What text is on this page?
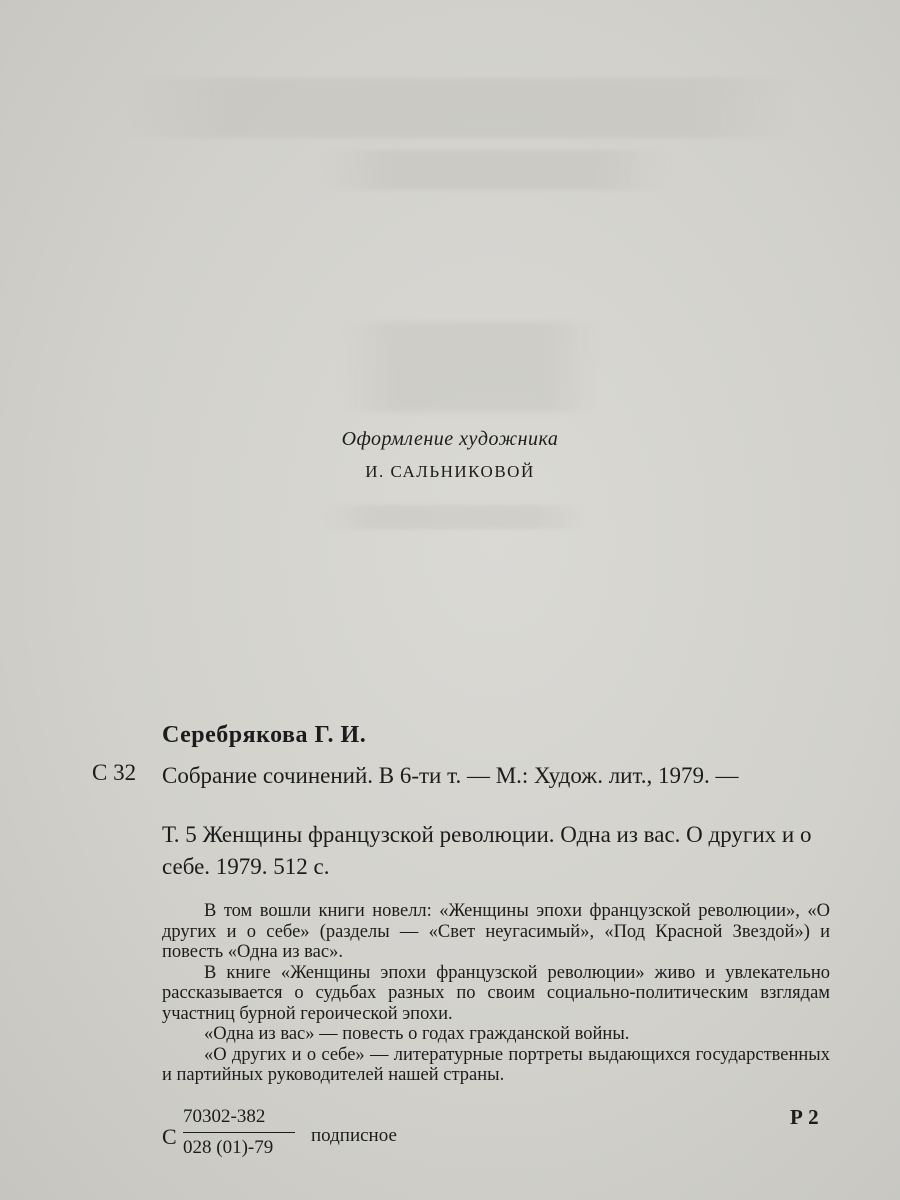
Оформление художника
И. САЛЬНИКОВОЙ
Серебрякова Г. И.
С 32 Собрание сочинений. В 6-ти т. — М.: Худож. лит., 1979. —
Т. 5 Женщины французской революции. Одна из вас. О других и о себе. 1979. 512 с.

В том вошли книги новелл: «Женщины эпохи французской революции», «О других и о себе» (разделы — «Свет неугасимый», «Под Красной Звездой») и повесть «Одна из вас».

В книге «Женщины эпохи французской революции» живо и увлекательно рассказывается о судьбах разных по своим социально-политическим взглядам участниц бурной героической эпохи.

«Одна из вас» — повесть о годах гражданской войны.

«О других и о себе» — литературные портреты выдающихся государственных и партийных руководителей нашей страны.

С $\frac{70302-382}{028 (01)-79}$ подписное
Р 2
